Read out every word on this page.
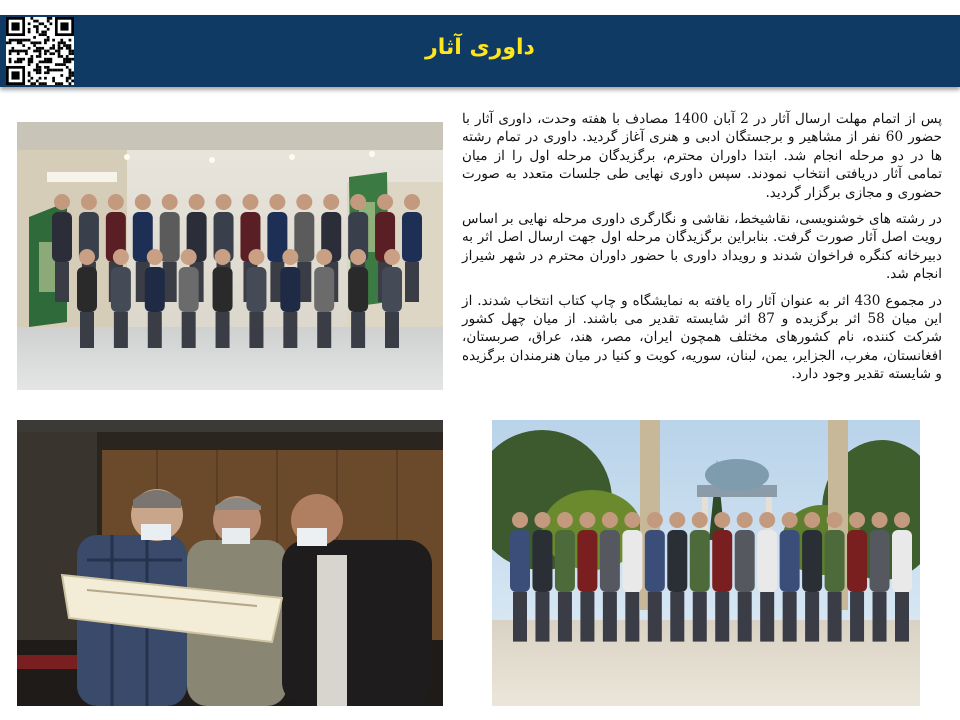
داوری آثار

پس از اتمام مهلت ارسال آثار در 2 آبان 1400 مصادف با هفته وحدت، داوری آثار با حضور 60 نفر از مشاهیر و برجستگان ادبی و هنری آغاز گردید. داوری در تمام رشته ها در دو مرحله انجام شد. ابتدا داوران محترم، برگزیدگان مرحله اول را از میان تمامی آثار دریافتی انتخاب نمودند. سپس داوری نهایی طی جلسات متعدد به صورت حضوری و مجازی برگزار گردید.

در رشته های خوشنویسی، نقاشیخط، نقاشی و نگارگری داوری مرحله نهایی بر اساس رویت اصل آثار صورت گرفت. بنابراین برگزیدگان مرحله اول جهت ارسال اصل اثر به دبیرخانه کنگره فراخوان شدند و رویداد داوری با حضور داوران محترم در شهر شیراز انجام شد.

در مجموع 430 اثر به عنوان آثار راه یافته به نمایشگاه و چاپ کتاب انتخاب شدند. از این میان 58 اثر برگزیده و 87 اثر شایسته تقدیر می باشند. از میان چهل کشور شرکت کننده، نام کشورهای مختلف همچون ایران، مصر، هند، عراق، صربستان، افغانستان، مغرب، الجزایر، یمن، لبنان، سوریه، کویت و کنیا در میان هنرمندان برگزیده و شایسته تقدیر وجود دارد.
